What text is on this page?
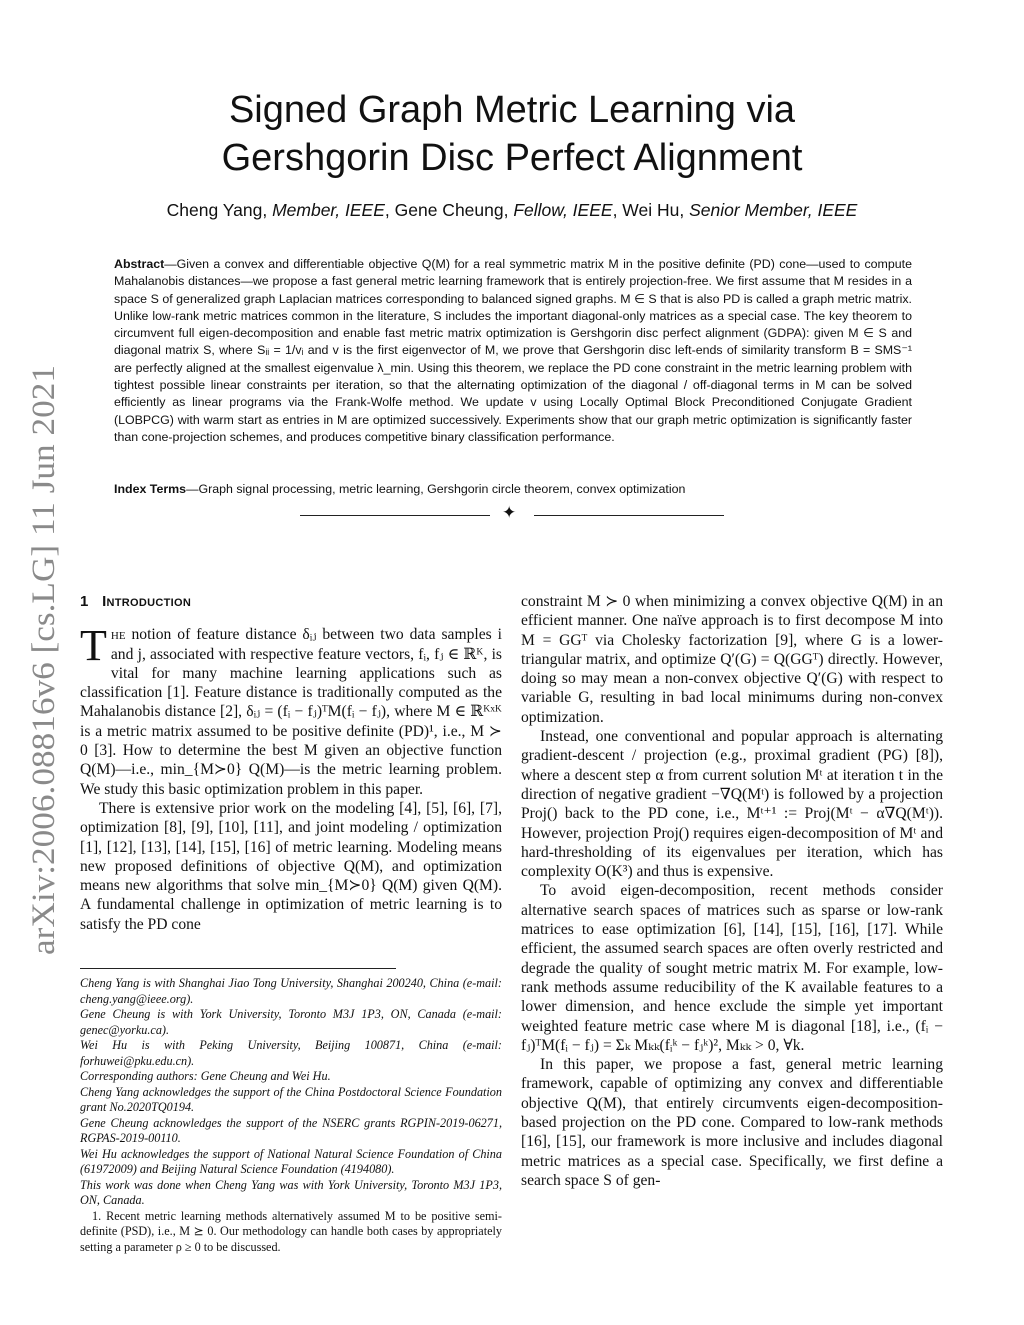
arXiv:2006.08816v6 [cs.LG] 11 Jun 2021
Signed Graph Metric Learning via
Gershgorin Disc Perfect Alignment
Cheng Yang, Member, IEEE, Gene Cheung, Fellow, IEEE, Wei Hu, Senior Member, IEEE
Abstract—Given a convex and differentiable objective Q(M) for a real symmetric matrix M in the positive definite (PD) cone—used to compute Mahalanobis distances—we propose a fast general metric learning framework that is entirely projection-free. We first assume that M resides in a space S of generalized graph Laplacian matrices corresponding to balanced signed graphs. M ∈ S that is also PD is called a graph metric matrix. Unlike low-rank metric matrices common in the literature, S includes the important diagonal-only matrices as a special case. The key theorem to circumvent full eigen-decomposition and enable fast metric matrix optimization is Gershgorin disc perfect alignment (GDPA): given M ∈ S and diagonal matrix S, where Sᵢᵢ = 1/vᵢ and v is the first eigenvector of M, we prove that Gershgorin disc left-ends of similarity transform B = SMS⁻¹ are perfectly aligned at the smallest eigenvalue λ_min. Using this theorem, we replace the PD cone constraint in the metric learning problem with tightest possible linear constraints per iteration, so that the alternating optimization of the diagonal / off-diagonal terms in M can be solved efficiently as linear programs via the Frank-Wolfe method. We update v using Locally Optimal Block Preconditioned Conjugate Gradient (LOBPCG) with warm start as entries in M are optimized successively. Experiments show that our graph metric optimization is significantly faster than cone-projection schemes, and produces competitive binary classification performance.
Index Terms—Graph signal processing, metric learning, Gershgorin circle theorem, convex optimization
✦
1 Introduction

The notion of feature distance δᵢⱼ between two data samples i and j, associated with respective feature vectors, fᵢ, fⱼ ∈ ℝᴷ, is vital for many machine learning applications such as classification [1]. Feature distance is traditionally computed as the Mahalanobis distance [2], δᵢⱼ = (fᵢ − fⱼ)ᵀM(fᵢ − fⱼ), where M ∈ ℝᴷˣᴷ is a metric matrix assumed to be positive definite (PD)¹, i.e., M ≻ 0 [3]. How to determine the best M given an objective function Q(M)—i.e., min_{M≻0} Q(M)—is the metric learning problem. We study this basic optimization problem in this paper.

There is extensive prior work on the modeling [4], [5], [6], [7], optimization [8], [9], [10], [11], and joint modeling / optimization [1], [12], [13], [14], [15], [16] of metric learning. Modeling means new proposed definitions of objective Q(M), and optimization means new algorithms that solve min_{M≻0} Q(M) given Q(M). A fundamental challenge in optimization of metric learning is to satisfy the PD cone

Cheng Yang is with Shanghai Jiao Tong University, Shanghai 200240, China (e-mail: cheng.yang@ieee.org).

Gene Cheung is with York University, Toronto M3J 1P3, ON, Canada (e-mail: genec@yorku.ca).

Wei Hu is with Peking University, Beijing 100871, China (e-mail: forhuwei@pku.edu.cn).

Corresponding authors: Gene Cheung and Wei Hu.

Cheng Yang acknowledges the support of the China Postdoctoral Science Foundation grant No.2020TQ0194.

Gene Cheung acknowledges the support of the NSERC grants RGPIN-2019-06271, RGPAS-2019-00110.

Wei Hu acknowledges the support of National Natural Science Foundation of China (61972009) and Beijing Natural Science Foundation (4194080).

This work was done when Cheng Yang was with York University, Toronto M3J 1P3, ON, Canada.

1. Recent metric learning methods alternatively assumed M to be positive semi-definite (PSD), i.e., M ⪰ 0. Our methodology can handle both cases by appropriately setting a parameter ρ ≥ 0 to be discussed.

constraint M ≻ 0 when minimizing a convex objective Q(M) in an efficient manner. One naïve approach is to first decompose M into M = GGᵀ via Cholesky factorization [9], where G is a lower-triangular matrix, and optimize Q′(G) = Q(GGᵀ) directly. However, doing so may mean a non-convex objective Q′(G) with respect to variable G, resulting in bad local minimums during non-convex optimization.

Instead, one conventional and popular approach is alternating gradient-descent / projection (e.g., proximal gradient (PG) [8]), where a descent step α from current solution Mᵗ at iteration t in the direction of negative gradient −∇Q(Mᵗ) is followed by a projection Proj() back to the PD cone, i.e., Mᵗ⁺¹ := Proj(Mᵗ − α∇Q(Mᵗ)). However, projection Proj() requires eigen-decomposition of Mᵗ and hard-thresholding of its eigenvalues per iteration, which has complexity O(K³) and thus is expensive.

To avoid eigen-decomposition, recent methods consider alternative search spaces of matrices such as sparse or low-rank matrices to ease optimization [6], [14], [15], [16], [17]. While efficient, the assumed search spaces are often overly restricted and degrade the quality of sought metric matrix M. For example, low-rank methods assume reducibility of the K available features to a lower dimension, and hence exclude the simple yet important weighted feature metric case where M is diagonal [18], i.e., (fᵢ − fⱼ)ᵀM(fᵢ − fⱼ) = Σₖ Mₖₖ(fᵢᵏ − fⱼᵏ)², Mₖₖ > 0, ∀k.

In this paper, we propose a fast, general metric learning framework, capable of optimizing any convex and differentiable objective Q(M), that entirely circumvents eigen-decomposition-based projection on the PD cone. Compared to low-rank methods [16], [15], our framework is more inclusive and includes diagonal metric matrices as a special case. Specifically, we first define a search space S of gen-
